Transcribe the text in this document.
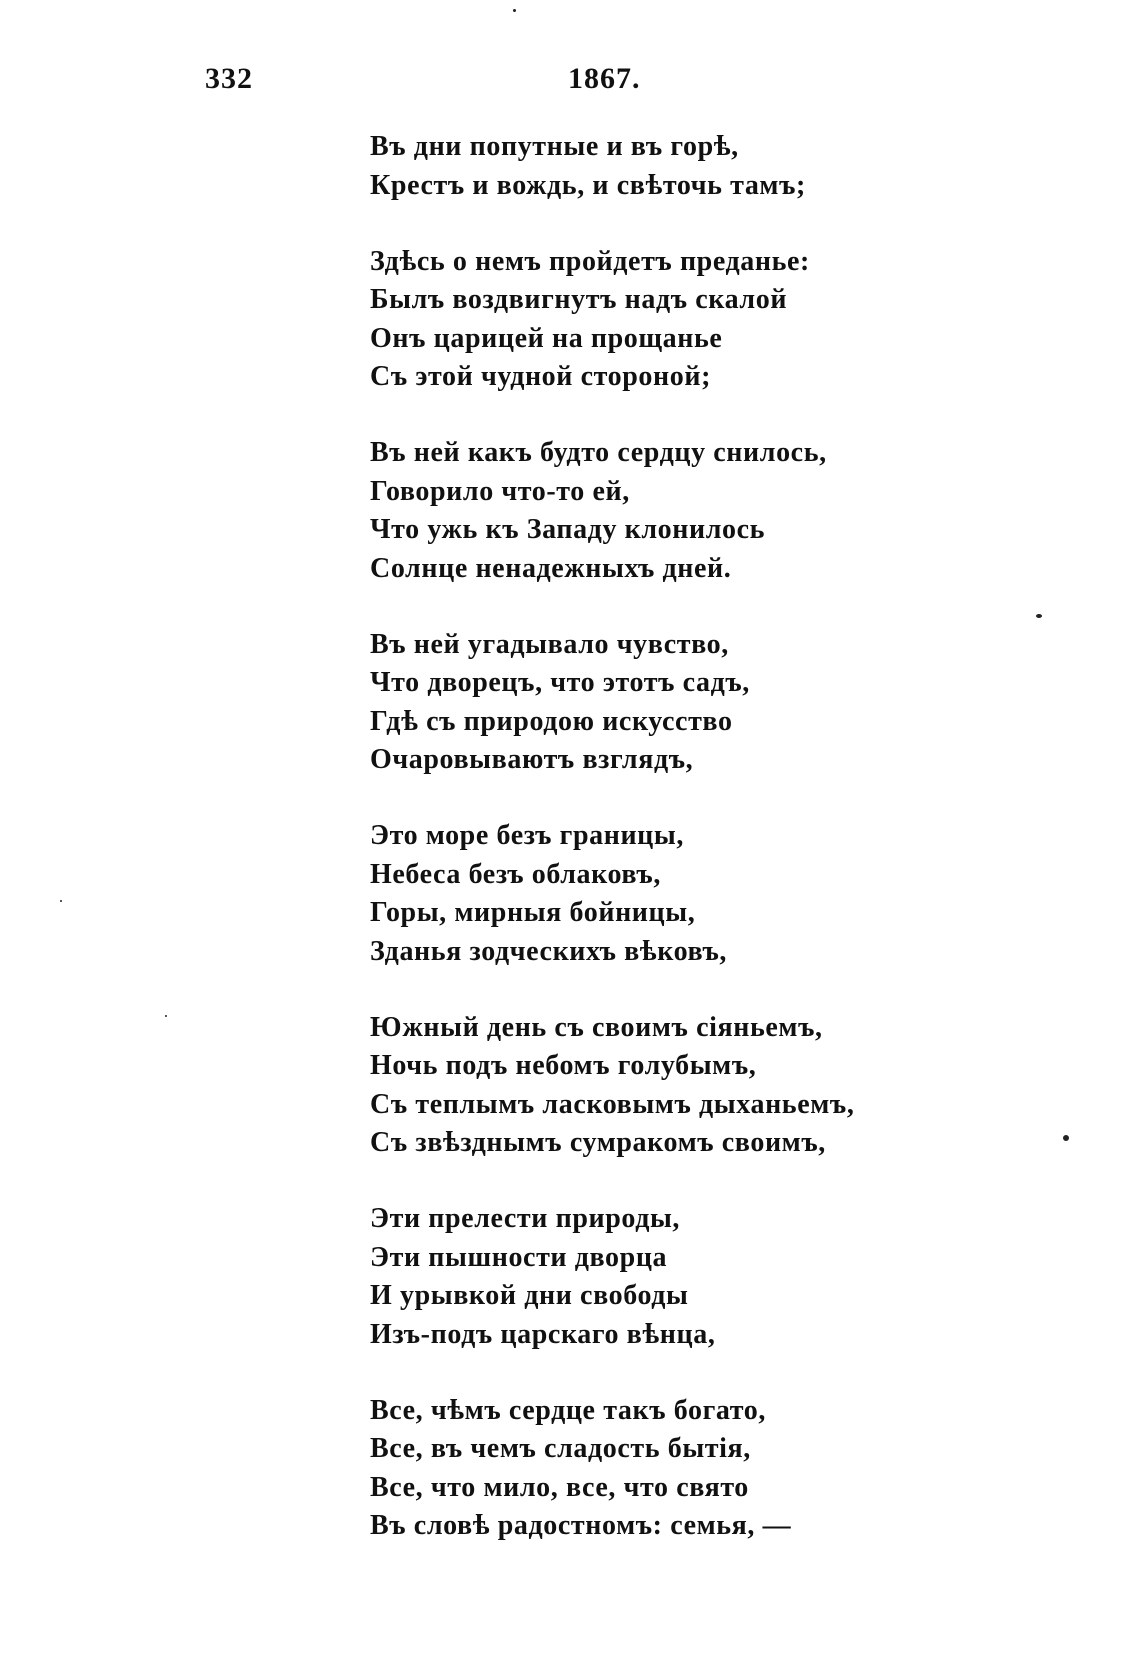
332	1867.
Въ дни попутные и въ горѣ,
Крестъ и вождь, и свѣточь тамъ;
Здѣсь о немъ пройдетъ преданье:
Былъ воздвигнутъ надъ скалой
Онъ царицей на прощанье
Съ этой чудной стороной;
Въ ней какъ будто сердцу снилось,
Говорило что-то ей,
Что ужь къ Западу клонилось
Солнце ненадежныхъ дней.
Въ ней угадывало чувство,
Что дворецъ, что этотъ садъ,
Гдѣ съ природою искусство
Очаровываютъ взглядъ,
Это море безъ границы,
Небеса безъ облаковъ,
Горы, мирныя бойницы,
Зданья зодческихъ вѣковъ,
Южный день съ своимъ сіяньемъ,
Ночь подъ небомъ голубымъ,
Съ теплымъ ласковымъ дыханьемъ,
Съ звѣзднымъ сумракомъ своимъ,
Эти прелести природы,
Эти пышности дворца
И урывкой дни свободы
Изъ-подъ царскаго вѣнца,
Все, чѣмъ сердце такъ богато,
Все, въ чемъ сладость бытія,
Все, что мило, все, что свято
Въ словѣ радостномъ: семья, —
